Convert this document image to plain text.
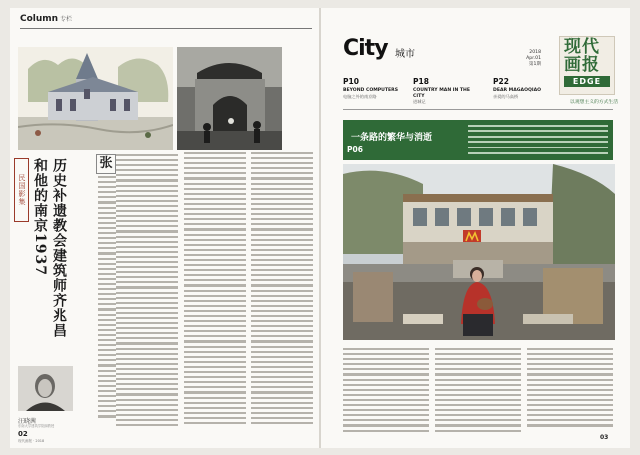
Column 专栏
民国影集	历史补遗教会建筑师齐兆昌和他的南京1937	张
汪晓茜
东南大学建筑学院副教授
02
现代画报 · 2018
City 城市	2018
Apr.01
第1期
现代画报
EDGE
以观想主义的方式生活

P10

BEYOND COMPUTERS

电脑之外的南京路

P18

COUNTRY MAN IN THE CITY

进城记

P22

DEAR MAGAOQIAO

亲爱的马高桥

一条路的繁华与消逝
P06
03
